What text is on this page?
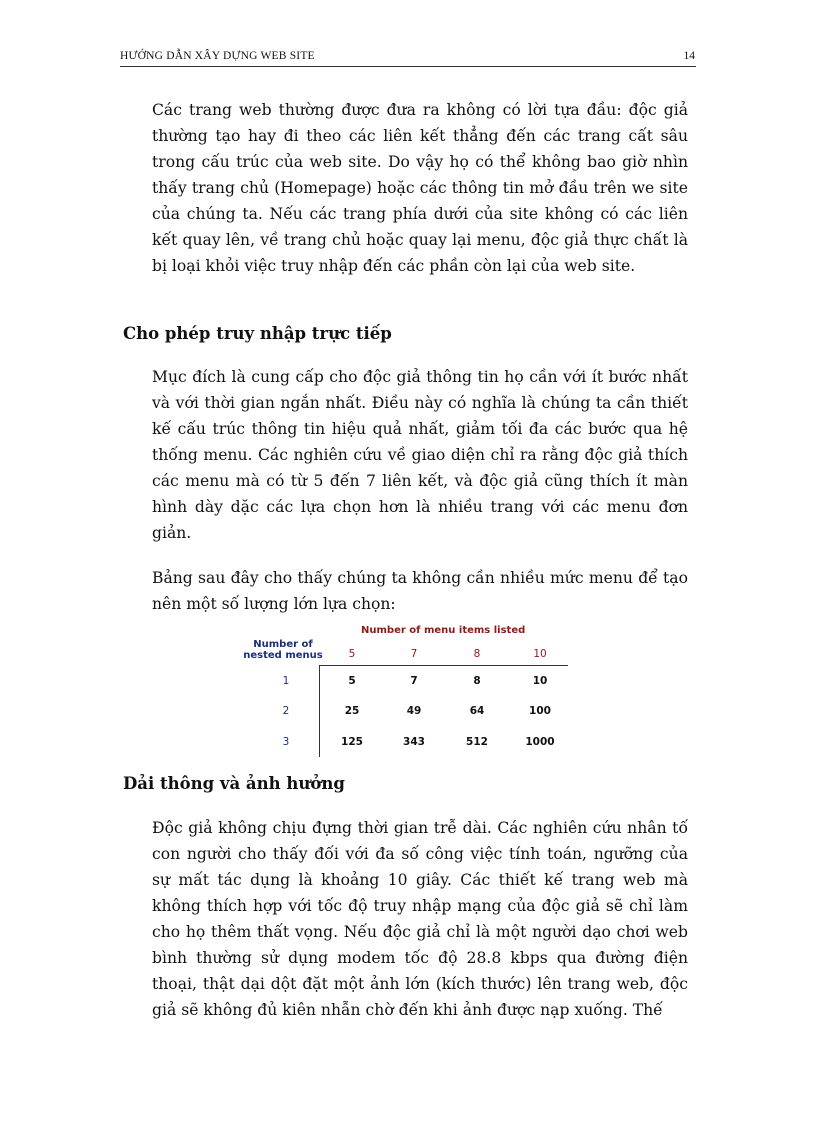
HƯỚNG DẪN XÂY DỰNG WEB SITE	14

Các trang web thường được đưa ra không có lời tựa đầu: độc giả thường tạo hay đi theo các liên kết thẳng đến các trang cất sâu trong cấu trúc của web site. Do vậy họ có thể không bao giờ nhìn thấy trang chủ (Homepage) hoặc các thông tin mở đầu trên we site của chúng ta. Nếu các trang phía dưới của site không có các liên kết quay lên, về trang chủ hoặc quay lại menu, độc giả thực chất là bị loại khỏi việc truy nhập đến các phần còn lại của web site.

Cho phép truy nhập trực tiếp

Mục đích là cung cấp cho độc giả thông tin họ cần với ít bước nhất và với thời gian ngắn nhất. Điều này có nghĩa là chúng ta cần thiết kế cấu trúc thông tin hiệu quả nhất, giảm tối đa các bước qua hệ thống menu. Các nghiên cứu về giao diện chỉ ra rằng độc giả thích các menu mà có từ 5 đến 7 liên kết, và độc giả cũng thích ít màn hình dày dặc các lựa chọn hơn là nhiều trang với các menu đơn giản.

Bảng sau đây cho thấy chúng ta không cần nhiều mức menu để tạo nên một số lượng lớn lựa chọn:

Number of menu items listed
Number of
nested menus	5	7	8	10
1	5	7	8	10
2	25	49	64	100
3	125	343	512	1000
Dải thông và ảnh hưởng

Độc giả không chịu đựng thời gian trễ dài. Các nghiên cứu nhân tố con người cho thấy đối với đa số công việc tính toán, ngưỡng của sự mất tác dụng là khoảng 10 giây. Các thiết kế trang web mà không thích hợp với tốc độ truy nhập mạng của độc giả sẽ chỉ làm cho họ thêm thất vọng. Nếu độc giả chỉ là một người dạo chơi web bình thường sử dụng modem tốc độ 28.8 kbps qua đường điện thoại, thật dại dột đặt một ảnh lớn (kích thước) lên trang web, độc giả sẽ không đủ kiên nhẫn chờ đến khi ảnh được nạp xuống. Thế
